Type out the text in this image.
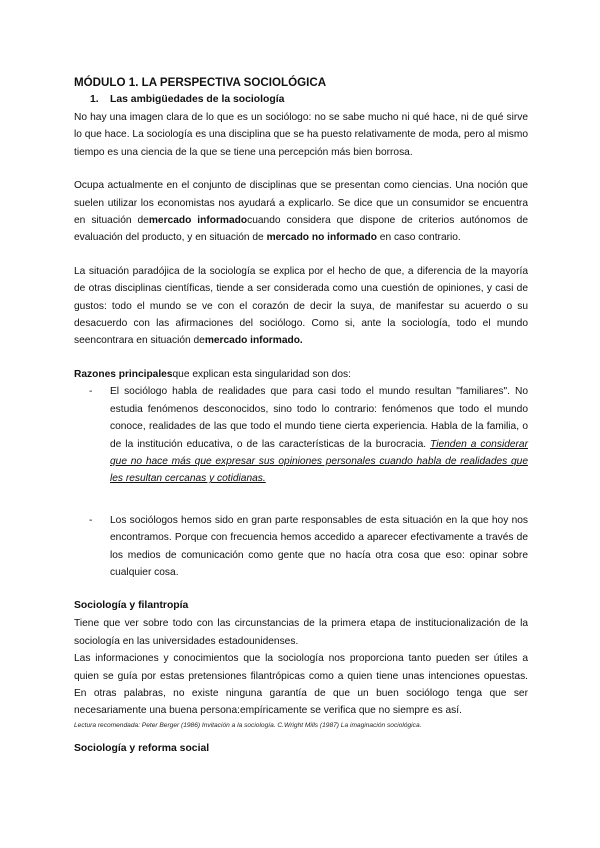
MÓDULO 1. LA PERSPECTIVA SOCIOLÓGICA
1. Las ambigüedades de la sociología

No hay una imagen clara de lo que es un sociólogo: no se sabe mucho ni qué hace, ni de qué sirve lo que hace. La sociología es una disciplina que se ha puesto relativamente de moda, pero al mismo tiempo es una ciencia de la que se tiene una percepción más bien borrosa.

Ocupa actualmente en el conjunto de disciplinas que se presentan como ciencias. Una noción que suelen utilizar los economistas nos ayudará a explicarlo. Se dice que un consumidor se encuentra en situación demercado informadocuando considera que dispone de criterios autónomos de evaluación del producto, y en situación de mercado no informado en caso contrario.

La situación paradójica de la sociología se explica por el hecho de que, a diferencia de la mayoría de otras disciplinas científicas, tiende a ser considerada como una cuestión de opiniones, y casi de gustos: todo el mundo se ve con el corazón de decir la suya, de manifestar su acuerdo o su desacuerdo con las afirmaciones del sociólogo. Como si, ante la sociología, todo el mundo seencontrara en situación demercado informado.

Razones principalesque explican esta singularidad son dos:

- El sociólogo habla de realidades que para casi todo el mundo resultan "familiares". No estudia fenómenos desconocidos, sino todo lo contrario: fenómenos que todo el mundo conoce, realidades de las que todo el mundo tiene cierta experiencia. Habla de la familia, o de la institución educativa, o de las características de la burocracia. Tienden a considerar que no hace más que expresar sus opiniones personales cuando habla de realidades que les resultan cercanas y cotidianas.
- Los sociólogos hemos sido en gran parte responsables de esta situación en la que hoy nos encontramos. Porque con frecuencia hemos accedido a aparecer efectivamente a través de los medios de comunicación como gente que no hacía otra cosa que eso: opinar sobre cualquier cosa.
Sociología y filantropía

Tiene que ver sobre todo con las circunstancias de la primera etapa de institucionalización de la sociología en las universidades estadounidenses.

Las informaciones y conocimientos que la sociología nos proporciona tanto pueden ser útiles a quien se guía por estas pretensiones filantrópicas como a quien tiene unas intenciones opuestas. En otras palabras, no existe ninguna garantía de que un buen sociólogo tenga que ser necesariamente una buena persona:empíricamente se verifica que no siempre es así.

Lectura recomendada: Peter Berger (1986) Invitación a la sociología. C.Wright Mills (1987) La imaginación sociológica.
Sociología y reforma social
